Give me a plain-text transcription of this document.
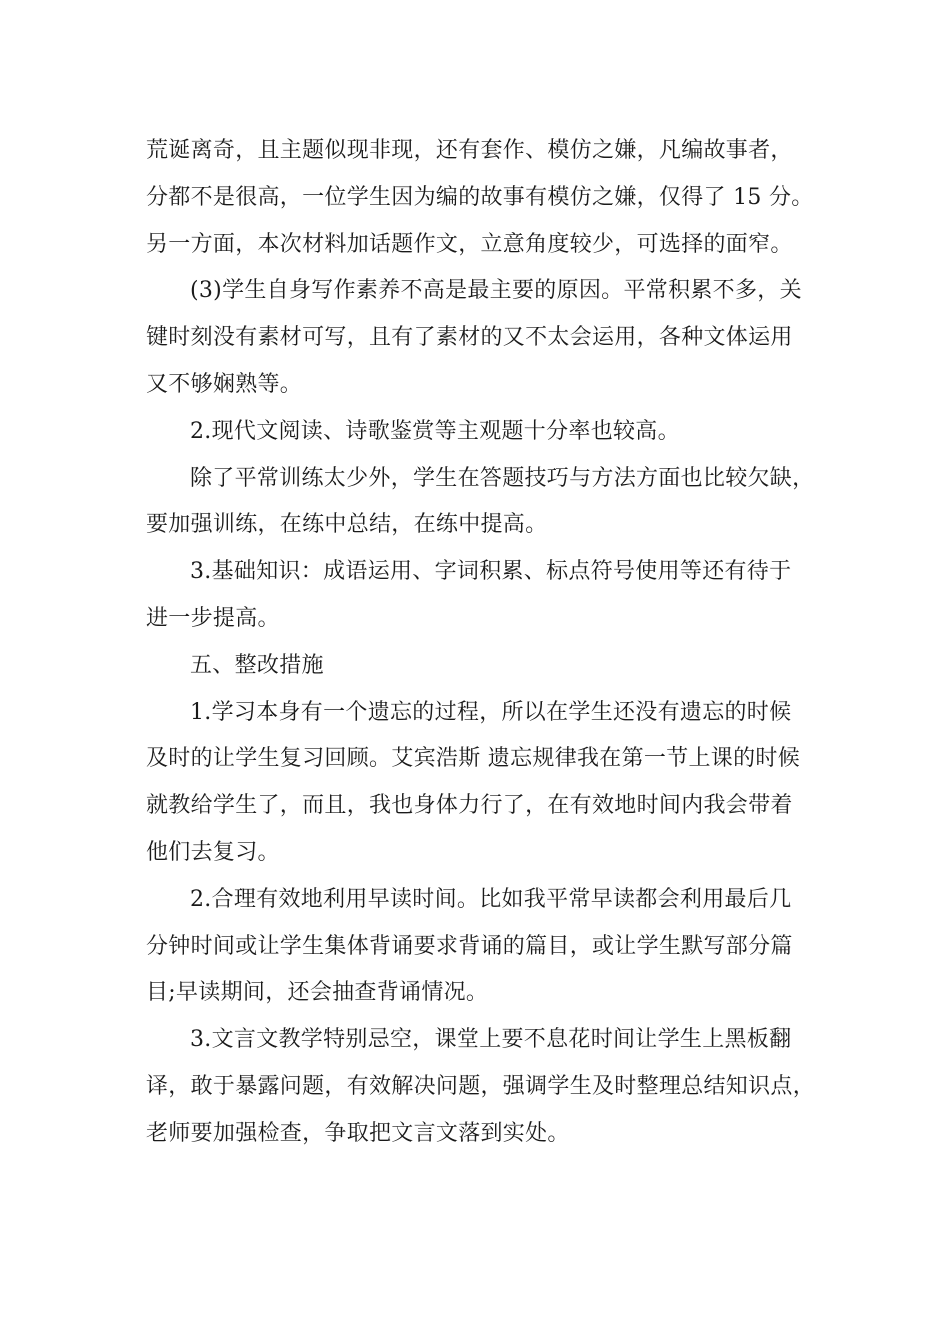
荒诞离奇，且主题似现非现，还有套作、模仿之嫌，凡编故事者，
分都不是很高，一位学生因为编的故事有模仿之嫌，仅得了 15 分。
另一方面，本次材料加话题作文，立意角度较少，可选择的面窄。
(3)学生自身写作素养不高是最主要的原因。平常积累不多，关
键时刻没有素材可写，且有了素材的又不太会运用，各种文体运用
又不够娴熟等。
2.现代文阅读、诗歌鉴赏等主观题十分率也较高。
除了平常训练太少外，学生在答题技巧与方法方面也比较欠缺，
要加强训练，在练中总结，在练中提高。
3.基础知识：成语运用、字词积累、标点符号使用等还有待于
进一步提高。
五、整改措施
1.学习本身有一个遗忘的过程，所以在学生还没有遗忘的时候
及时的让学生复习回顾。艾宾浩斯 遗忘规律我在第一节上课的时候
就教给学生了，而且，我也身体力行了，在有效地时间内我会带着
他们去复习。
2.合理有效地利用早读时间。比如我平常早读都会利用最后几
分钟时间或让学生集体背诵要求背诵的篇目，或让学生默写部分篇
目;早读期间，还会抽查背诵情况。
3.文言文教学特别忌空，课堂上要不息花时间让学生上黑板翻
译，敢于暴露问题，有效解决问题，强调学生及时整理总结知识点，
老师要加强检查，争取把文言文落到实处。
